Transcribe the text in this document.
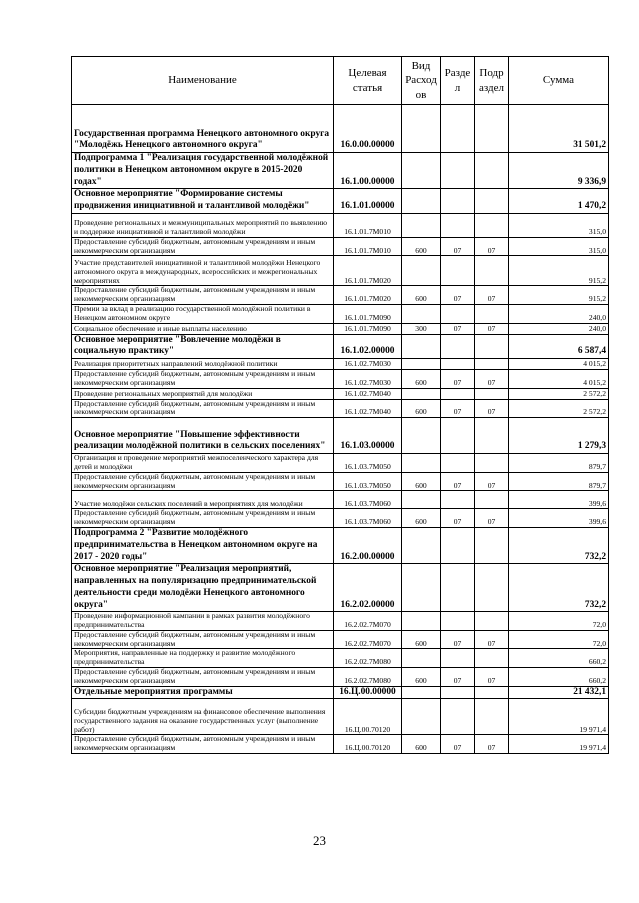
Наименование	Целевая статья	Вид Расход ов	Разде л	Подр аздел	Сумма
Государственная программа Ненецкого автономного округа "Молодёжь Ненецкого автономного округа"	16.0.00.00000				31 501,2
Подпрограмма 1 "Реализация государственной молодёжной политики в Ненецком автономном округе в 2015-2020 годах"	16.1.00.00000				9 336,9
Основное мероприятие "Формирование системы продвижения инициативной и талантливой молодёжи"	16.1.01.00000				1 470,2
Проведение региональных и межмуниципальных мероприятий по выявлению и поддержке инициативной и талантливой молодёжи	16.1.01.7М010				315,0
Предоставление субсидий бюджетным, автономным учреждениям и иным некоммерческим организациям	16.1.01.7М010	600	07	07	315,0
Участие представителей инициативной и талантливой молодёжи Ненецкого автономного округа в международных, всероссийских и межрегиональных мероприятиях	16.1.01.7М020				915,2
Предоставление субсидий бюджетным, автономным учреждениям и иным некоммерческим организациям	16.1.01.7М020	600	07	07	915,2
Премии за вклад в реализацию государственной молодёжной политики в Ненецком автономном округе	16.1.01.7М090				240,0
Социальное обеспечение и иные выплаты населению	16.1.01.7М090	300	07	07	240,0
Основное мероприятие "Вовлечение молодёжи в социальную практику"	16.1.02.00000				6 587,4
Реализация приоритетных направлений молодёжной политики	16.1.02.7М030				4 015,2
Предоставление субсидий бюджетным, автономным учреждениям и иным некоммерческим организациям	16.1.02.7М030	600	07	07	4 015,2
Проведение региональных мероприятий для молодёжи	16.1.02.7М040				2 572,2
Предоставление субсидий бюджетным, автономным учреждениям и иным некоммерческим организациям	16.1.02.7М040	600	07	07	2 572,2
Основное мероприятие "Повышение эффективности реализации молодёжной политики в сельских поселениях"	16.1.03.00000				1 279,3
Организация и проведение мероприятий межпоселенческого характера для детей и молодёжи	16.1.03.7М050				879,7
Предоставление субсидий бюджетным, автономным учреждениям и иным некоммерческим организациям	16.1.03.7М050	600	07	07	879,7
Участие молодёжи сельских поселений в мероприятиях для молодёжи	16.1.03.7М060				399,6
Предоставление субсидий бюджетным, автономным учреждениям и иным некоммерческим организациям	16.1.03.7М060	600	07	07	399,6
Подпрограмма 2 "Развитие молодёжного предпринимательства в Ненецком автономном округе на 2017 - 2020 годы"	16.2.00.00000				732,2
Основное мероприятие "Реализация мероприятий, направленных на популяризацию предпринимательской деятельности среди молодёжи Ненецкого автономного округа"	16.2.02.00000				732,2
Проведение информационной кампании в рамках развития молодёжного предпринимательства	16.2.02.7М070				72,0
Предоставление субсидий бюджетным, автономным учреждениям и иным некоммерческим организациям	16.2.02.7М070	600	07	07	72,0
Мероприятия, направленные на поддержку и развитие молодёжного предпринимательства	16.2.02.7М080				660,2
Предоставление субсидий бюджетным, автономным учреждениям и иным некоммерческим организациям	16.2.02.7М080	600	07	07	660,2
Отдельные мероприятия программы	16.Ц.00.00000				21 432,1
Субсидии бюджетным учреждениям на финансовое обеспечение выполнения государственного задания на оказание государственных услуг (выполнение работ)	16.Ц.00.70120				19 971,4
Предоставление субсидий бюджетным, автономным учреждениям и иным некоммерческим организациям	16.Ц.00.70120	600	07	07	19 971,4
23
